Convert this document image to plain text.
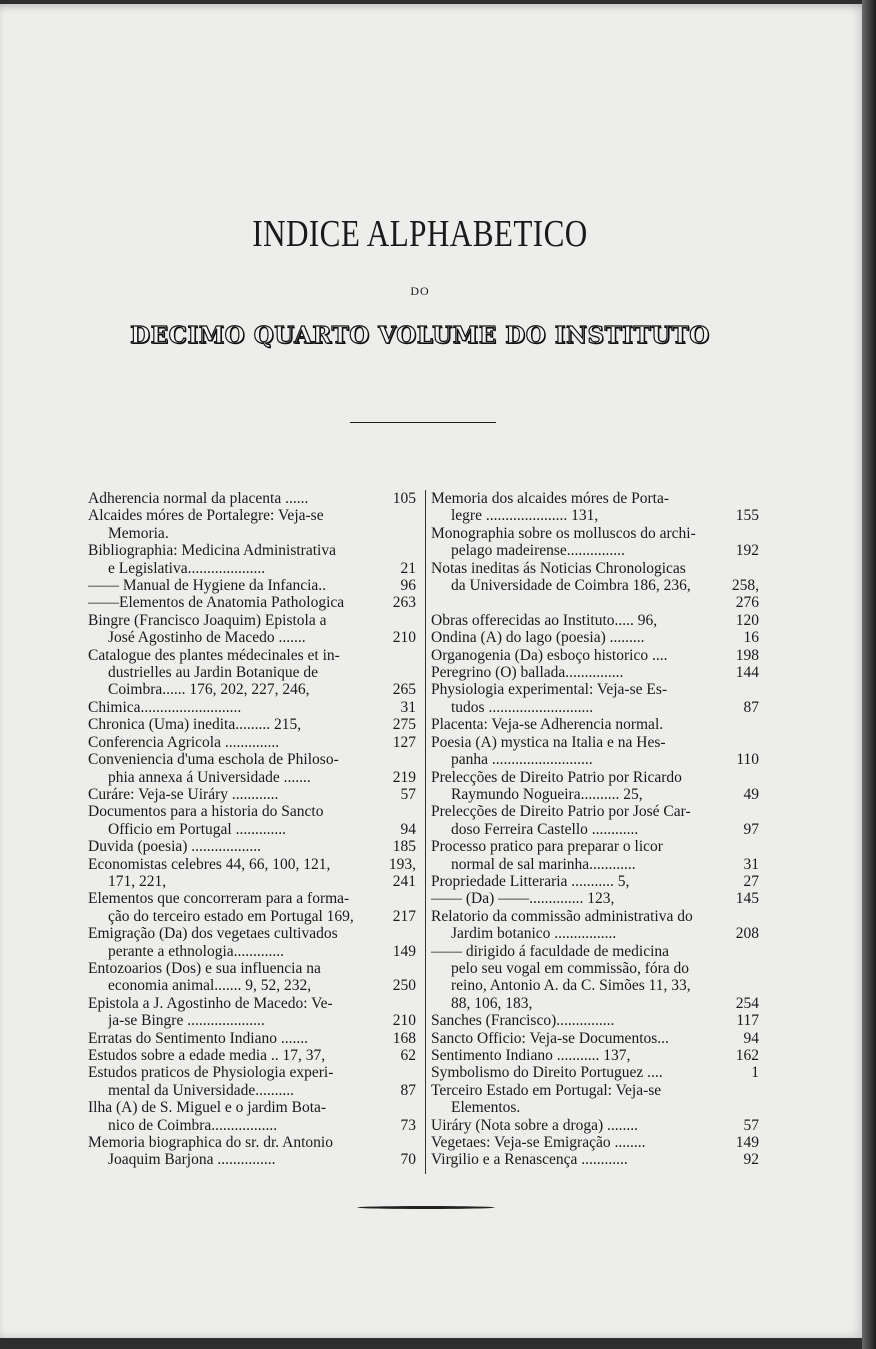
INDICE ALPHABETICO
DO
DECIMO QUARTO VOLUME DO INSTITUTO
Adherencia normal da placenta ......	105
Alcaides móres de Portalegre: Veja-se
Memoria.
Bibliographia: Medicina Administrativa
e Legislativa....................	21
—— Manual de Hygiene da Infancia..	96
——Elementos de Anatomia Pathologica	263
Bingre (Francisco Joaquim) Epistola a
José Agostinho de Macedo .......	210
Catalogue des plantes médecinales et in-
dustrielles au Jardin Botanique de
Coimbra...... 176, 202, 227, 246,	265
Chimica..........................	31
Chronica (Uma) inedita......... 215,	275
Conferencia Agricola ..............	127
Conveniencia d'uma eschola de Philoso-
phia annexa á Universidade .......	219
Curáre: Veja-se Uiráry ............	57
Documentos para a historia do Sancto
Officio em Portugal .............	94
Duvida (poesia) ..................	185
Economistas celebres 44, 66, 100, 121,	193,
171, 221,	241
Elementos que concorreram para a forma-
ção do terceiro estado em Portugal 169,	217
Emigração (Da) dos vegetaes cultivados
perante a ethnologia.............	149
Entozoarios (Dos) e sua influencia na
economia animal....... 9, 52, 232,	250
Epistola a J. Agostinho de Macedo: Ve-
ja-se Bingre ....................	210
Erratas do Sentimento Indiano .......	168
Estudos sobre a edade media .. 17, 37,	62
Estudos praticos de Physiologia experi-
mental da Universidade..........	87
Ilha (A) de S. Miguel e o jardim Bota-
nico de Coimbra.................	73
Memoria biographica do sr. dr. Antonio
Joaquim Barjona ...............	70
Memoria dos alcaides móres de Porta-
legre ..................... 131,	155
Monographia sobre os molluscos do archi-
pelago madeirense...............	192
Notas ineditas ás Noticias Chronologicas
da Universidade de Coimbra 186, 236,	258,
276
Obras offerecidas ao Instituto..... 96,	120
Ondina (A) do lago (poesia) .........	16
Organogenia (Da) esboço historico ....	198
Peregrino (O) ballada...............	144
Physiologia experimental: Veja-se Es-
tudos ...........................	87
Placenta: Veja-se Adherencia normal.
Poesia (A) mystica na Italia e na Hes-
panha ..........................	110
Prelecções de Direito Patrio por Ricardo
Raymundo Nogueira.......... 25,	49
Prelecções de Direito Patrio por José Car-
doso Ferreira Castello ............	97
Processo pratico para preparar o licor
normal de sal marinha............	31
Propriedade Litteraria ........... 5,	27
—— (Da) ——.............. 123,	145
Relatorio da commissão administrativa do
Jardim botanico ................	208
—— dirigido á faculdade de medicina
pelo seu vogal em commissão, fóra do
reino, Antonio A. da C. Simões 11, 33,
88, 106, 183,	254
Sanches (Francisco)...............	117
Sancto Officio: Veja-se Documentos...	94
Sentimento Indiano ........... 137,	162
Symbolismo do Direito Portuguez ....	1
Terceiro Estado em Portugal: Veja-se
Elementos.
Uiráry (Nota sobre a droga) ........	57
Vegetaes: Veja-se Emigração ........	149
Virgilio e a Renascença ............	92
